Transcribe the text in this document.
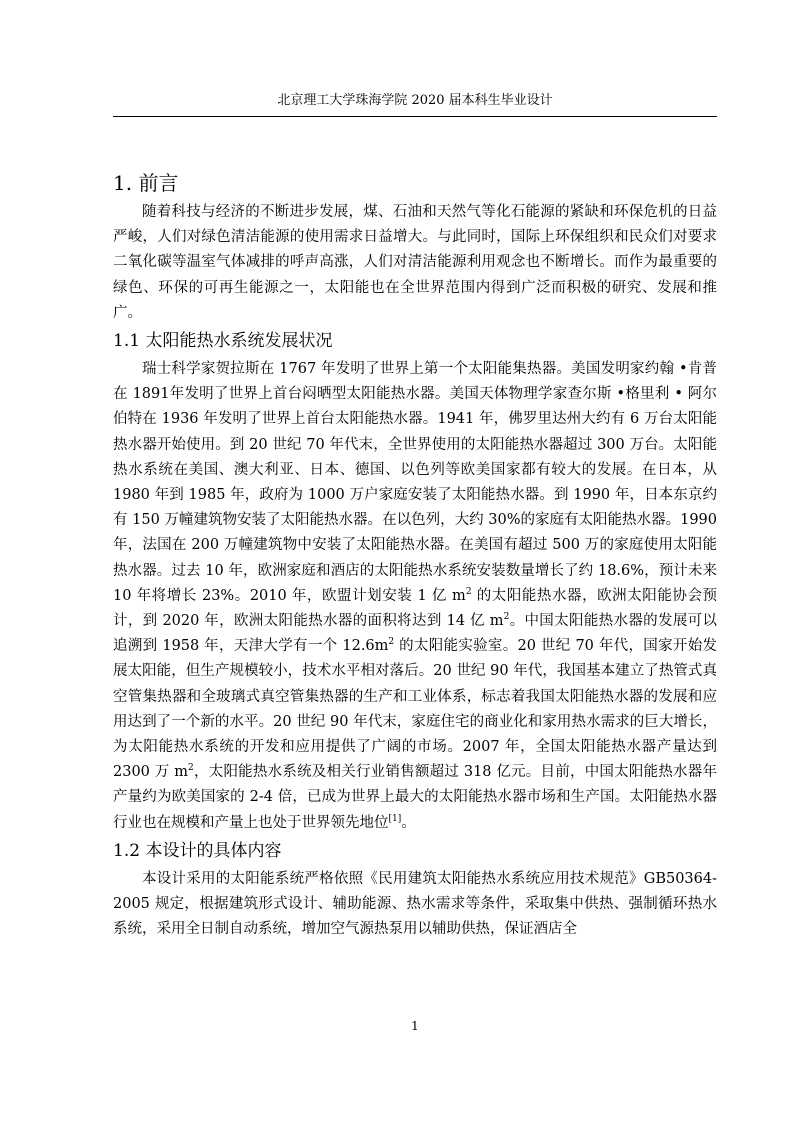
北京理工大学珠海学院 2020 届本科生毕业设计
1. 前言

随着科技与经济的不断进步发展，煤、石油和天然气等化石能源的紧缺和环保危机的日益严峻，人们对绿色清洁能源的使用需求日益增大。与此同时，国际上环保组织和民众们对要求二氧化碳等温室气体减排的呼声高涨，人们对清洁能源利用观念也不断增长。而作为最重要的绿色、环保的可再生能源之一，太阳能也在全世界范围内得到广泛而积极的研究、发展和推广。

1.1 太阳能热水系统发展状况

瑞士科学家贺拉斯在 1767 年发明了世界上第一个太阳能集热器。美国发明家约翰 •肯普在 1891年发明了世界上首台闷晒型太阳能热水器。美国天体物理学家查尔斯 •格里利 • 阿尔伯特在 1936 年发明了世界上首台太阳能热水器。1941 年，佛罗里达州大约有 6 万台太阳能热水器开始使用。到 20 世纪 70 年代末，全世界使用的太阳能热水器超过 300 万台。太阳能热水系统在美国、澳大利亚、日本、德国、以色列等欧美国家都有较大的发展。在日本，从 1980 年到 1985 年，政府为 1000 万户家庭安装了太阳能热水器。到 1990 年，日本东京约有 150 万幢建筑物安装了太阳能热水器。在以色列，大约 30%的家庭有太阳能热水器。1990 年，法国在 200 万幢建筑物中安装了太阳能热水器。在美国有超过 500 万的家庭使用太阳能热水器。过去 10 年，欧洲家庭和酒店的太阳能热水系统安装数量增长了约 18.6%，预计未来 10 年将增长 23%。2010 年，欧盟计划安装 1 亿 $m^2$ 的太阳能热水器，欧洲太阳能协会预计，到 2020 年，欧洲太阳能热水器的面积将达到 14 亿 $m^2$。中国太阳能热水器的发展可以追溯到 1958 年，天津大学有一个 $12.6m^2$ 的太阳能实验室。20 世纪 70 年代，国家开始发展太阳能，但生产规模较小，技术水平相对落后。20 世纪 90 年代，我国基本建立了热管式真空管集热器和全玻璃式真空管集热器的生产和工业体系，标志着我国太阳能热水器的发展和应用达到了一个新的水平。20 世纪 90 年代末，家庭住宅的商业化和家用热水需求的巨大增长，为太阳能热水系统的开发和应用提供了广阔的市场。2007 年，全国太阳能热水器产量达到 2300 万 $m^2$，太阳能热水系统及相关行业销售额超过 318 亿元。目前，中国太阳能热水器年产量约为欧美国家的 2-4 倍，已成为世界上最大的太阳能热水器市场和生产国。太阳能热水器行业也在规模和产量上也处于世界领先地位[1]。

1.2 本设计的具体内容

本设计采用的太阳能系统严格依照《民用建筑太阳能热水系统应用技术规范》GB50364-2005 规定，根据建筑形式设计、辅助能源、热水需求等条件，采取集中供热、强制循环热水系统，采用全日制自动系统，增加空气源热泵用以辅助供热，保证酒店全

1
